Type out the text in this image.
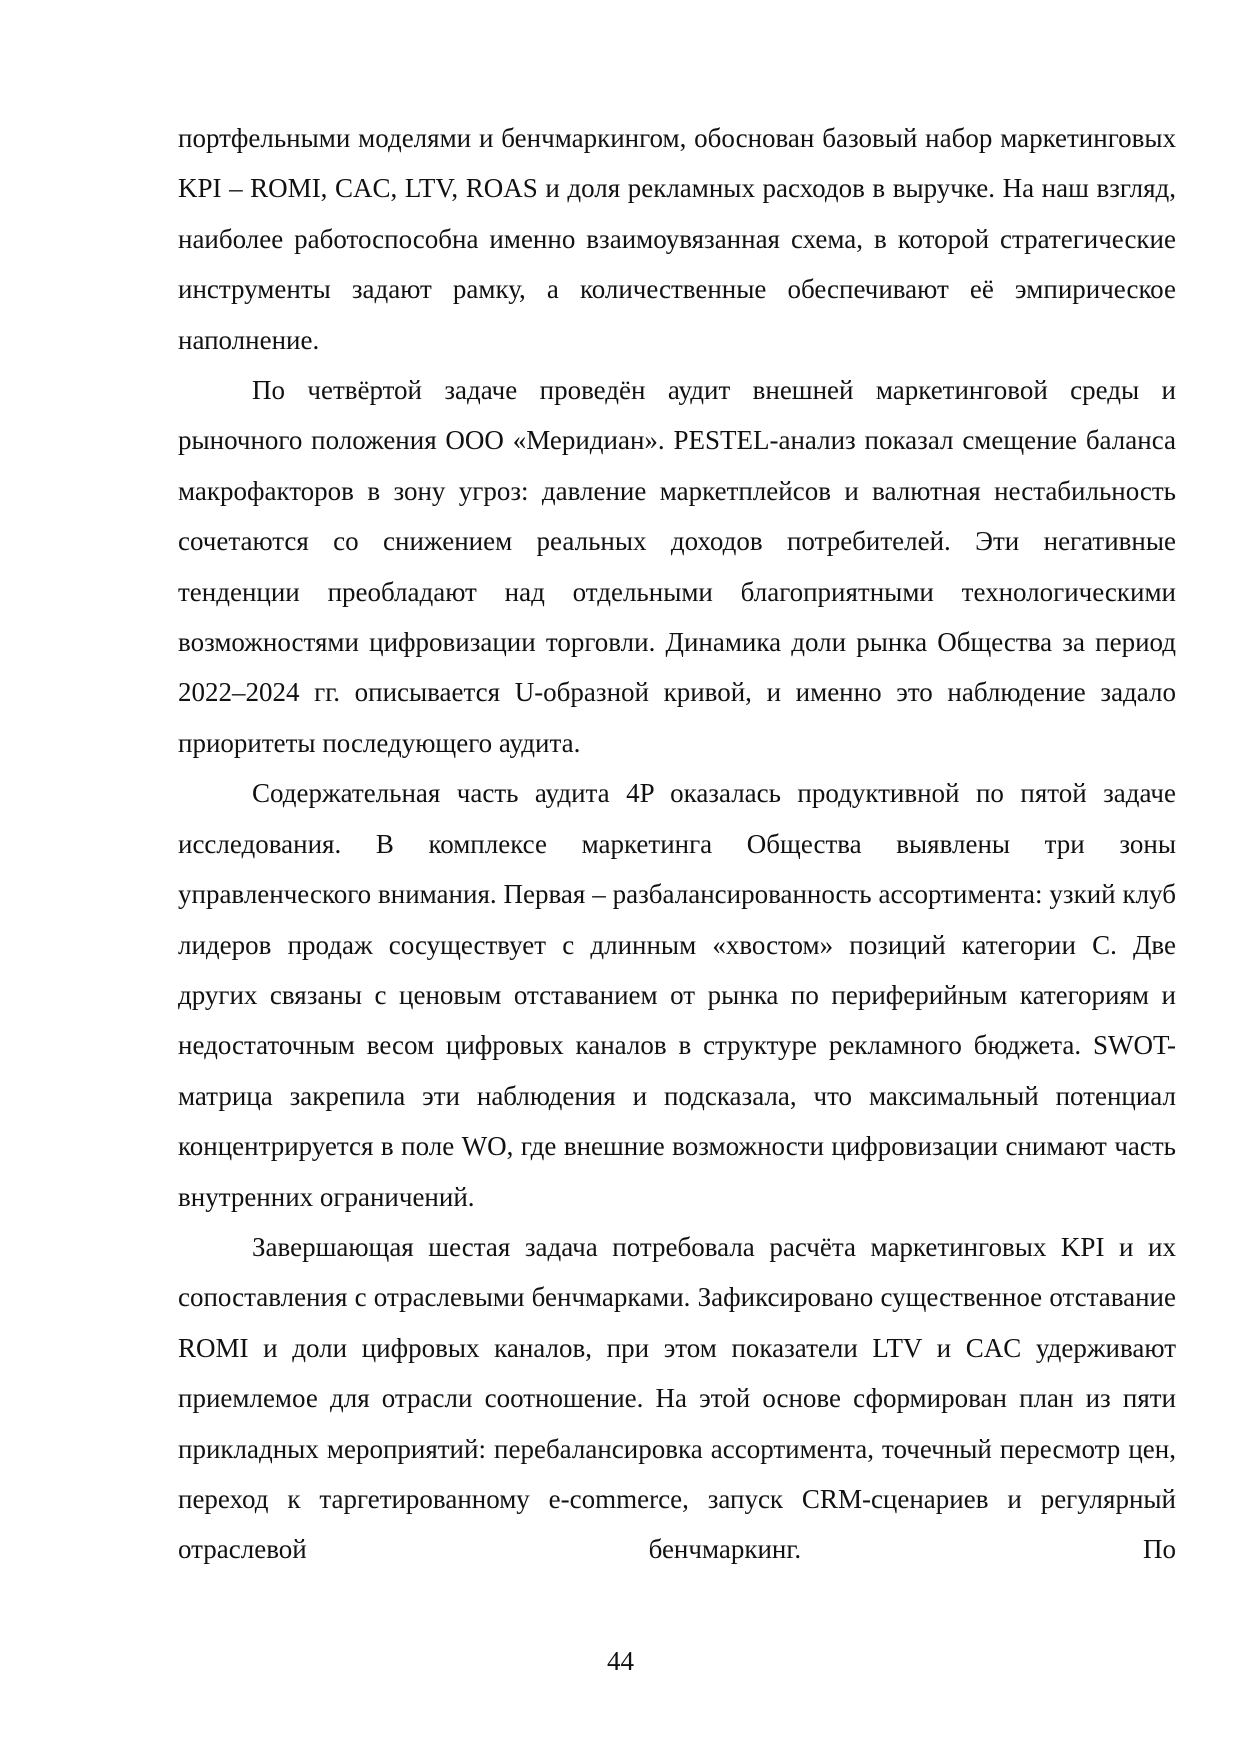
портфельными моделями и бенчмаркингом, обоснован базовый набор маркетинговых KPI – ROMI, CAC, LTV, ROAS и доля рекламных расходов в выручке. На наш взгляд, наиболее работоспособна именно взаимоувязанная схема, в которой стратегические инструменты задают рамку, а количественные обеспечивают её эмпирическое наполнение.

По четвёртой задаче проведён аудит внешней маркетинговой среды и рыночного положения ООО «Меридиан». PESTEL-анализ показал смещение баланса макрофакторов в зону угроз: давление маркетплейсов и валютная нестабильность сочетаются со снижением реальных доходов потребителей. Эти негативные тенденции преобладают над отдельными благоприятными технологическими возможностями цифровизации торговли. Динамика доли рынка Общества за период 2022–2024 гг. описывается U-образной кривой, и именно это наблюдение задало приоритеты последующего аудита.

Содержательная часть аудита 4P оказалась продуктивной по пятой задаче исследования. В комплексе маркетинга Общества выявлены три зоны управленческого внимания. Первая – разбалансированность ассортимента: узкий клуб лидеров продаж сосуществует с длинным «хвостом» позиций категории C. Две других связаны с ценовым отставанием от рынка по периферийным категориям и недостаточным весом цифровых каналов в структуре рекламного бюджета. SWOT-матрица закрепила эти наблюдения и подсказала, что максимальный потенциал концентрируется в поле WO, где внешние возможности цифровизации снимают часть внутренних ограничений.

Завершающая шестая задача потребовала расчёта маркетинговых KPI и их сопоставления с отраслевыми бенчмарками. Зафиксировано существенное отставание ROMI и доли цифровых каналов, при этом показатели LTV и CAC удерживают приемлемое для отрасли соотношение. На этой основе сформирован план из пяти прикладных мероприятий: перебалансировка ассортимента, точечный пересмотр цен, переход к таргетированному e-commerce, запуск CRM-сценариев и регулярный отраслевой бенчмаркинг. По

44
